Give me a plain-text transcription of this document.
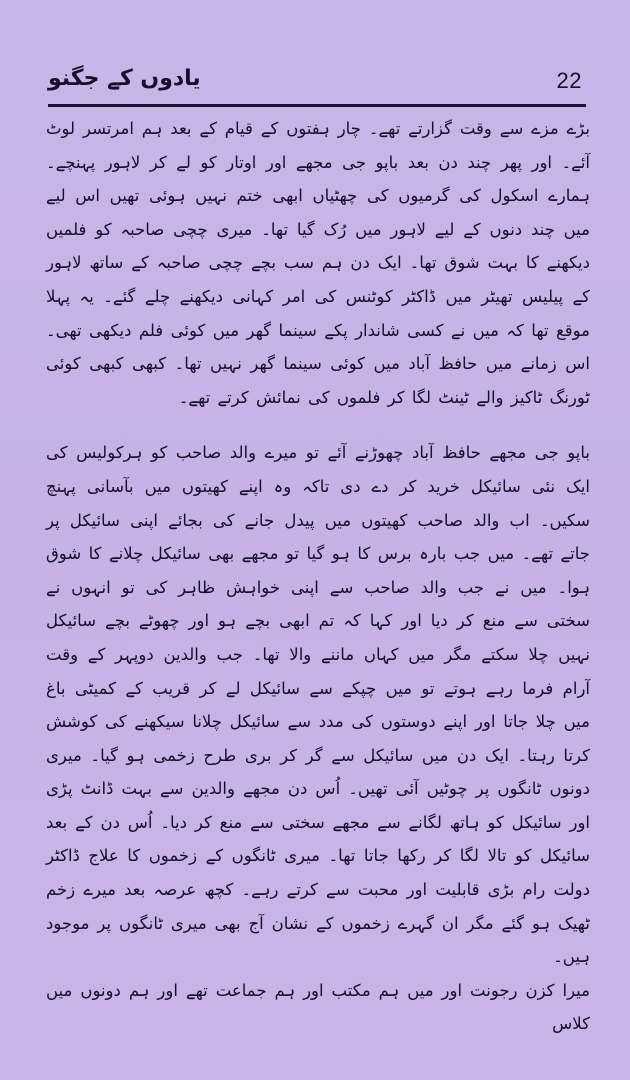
یادوں کے جگنو	22

بڑے مزے سے وقت گزارتے تھے۔ چار ہفتوں کے قیام کے بعد ہم امرتسر لوٹ آئے۔ اور پھر چند دن بعد باپو جی مجھے اور اوتار کو لے کر لاہور پہنچے۔ ہمارے اسکول کی گرمیوں کی چھٹیاں ابھی ختم نہیں ہوئی تھیں اس لیے میں چند دنوں کے لیے لاہور میں رُک گیا تھا۔ میری چچی صاحبہ کو فلمیں دیکھنے کا بہت شوق تھا۔ ایک دن ہم سب بچے چچی صاحبہ کے ساتھ لاہور کے پیلیس تھیٹر میں ڈاکٹر کوٹنس کی امر کہانی دیکھنے چلے گئے۔ یہ پہلا موقع تھا کہ میں نے کسی شاندار پکے سینما گھر میں کوئی فلم دیکھی تھی۔ اس زمانے میں حافظ آباد میں کوئی سینما گھر نہیں تھا۔ کبھی کبھی کوئی ٹورنگ ٹاکیز والے ٹینٹ لگا کر فلموں کی نمائش کرتے تھے۔

باپو جی مجھے حافظ آباد چھوڑنے آئے تو میرے والد صاحب کو ہرکولیس کی ایک نئی سائیکل خرید کر دے دی تاکہ وہ اپنے کھیتوں میں بآسانی پہنچ سکیں۔ اب والد صاحب کھیتوں میں پیدل جانے کی بجائے اپنی سائیکل پر جاتے تھے۔ میں جب بارہ برس کا ہو گیا تو مجھے بھی سائیکل چلانے کا شوق ہوا۔ میں نے جب والد صاحب سے اپنی خواہش ظاہر کی تو انہوں نے سختی سے منع کر دیا اور کہا کہ تم ابھی بچے ہو اور چھوٹے بچے سائیکل نہیں چلا سکتے مگر میں کہاں ماننے والا تھا۔ جب والدین دوپہر کے وقت آرام فرما رہے ہوتے تو میں چپکے سے سائیکل لے کر قریب کے کمیٹی باغ میں چلا جاتا اور اپنے دوستوں کی مدد سے سائیکل چلانا سیکھنے کی کوشش کرتا رہتا۔ ایک دن میں سائیکل سے گر کر بری طرح زخمی ہو گیا۔ میری دونوں ٹانگوں پر چوٹیں آئی تھیں۔ اُس دن مجھے والدین سے بہت ڈانٹ پڑی اور سائیکل کو ہاتھ لگانے سے مجھے سختی سے منع کر دیا۔ اُس دن کے بعد سائیکل کو تالا لگا کر رکھا جاتا تھا۔ میری ٹانگوں کے زخموں کا علاج ڈاکٹر دولت رام بڑی قابلیت اور محبت سے کرتے رہے۔ کچھ عرصہ بعد میرے زخم ٹھیک ہو گئے مگر ان گہرے زخموں کے نشان آج بھی میری ٹانگوں پر موجود ہیں۔

میرا کزن رجونت اور میں ہم مکتب اور ہم جماعت تھے اور ہم دونوں میں کلاس
